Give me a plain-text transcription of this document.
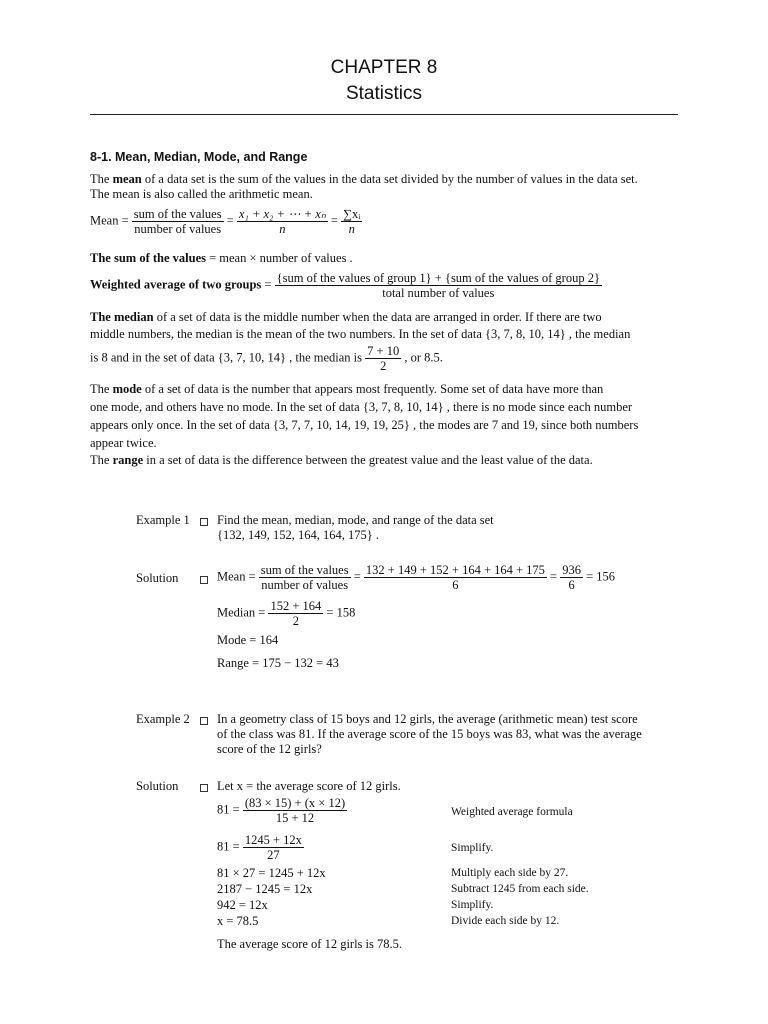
CHAPTER 8
Statistics
8-1. Mean, Median, Mode, and Range
The mean of a data set is the sum of the values in the data set divided by the number of values in the data set.
The mean is also called the arithmetic mean.
Mean = $\frac{\text{sum of the values}}{\text{number of values}} = \frac{\text{x₁ + x₂ + ⋯ + xₙ}}{n} = \frac{\text{∑xᵢ}}{n}$
The sum of the values = mean × number of values .
Weighted average of two groups = {sum of the values of group 1} + {sum of the values of group 2}
total number of values
The median of a set of data is the middle number when the data are arranged in order. If there are two
middle numbers, the median is the mean of the two numbers. In the set of data {3, 7, 8, 10, 14} , the median
is 8 and in the set of data {3, 7, 10, 14} , the median is $\frac{7 + 10}{2}$ , or 8.5.
The mode of a set of data is the number that appears most frequently. Some set of data have more than
one mode, and others have no mode. In the set of data {3, 7, 8, 10, 14} , there is no mode since each number
appears only once. In the set of data {3, 7, 7, 10, 14, 19, 19, 25} , the modes are 7 and 19, since both numbers
appear twice.
The range in a set of data is the difference between the greatest value and the least value of the data.
Example 1 Find the mean, median, mode, and range of the data set
{132, 149, 152, 164, 164, 175} .
Solution	Mean = $\frac{\text{sum of the values}}{\text{number of values}} = \frac{132 + 149 + 152 + 164 + 164 + 175}{6} = \frac{936}{6} = 156$
Median = $\frac{152 + 164}{2} = 158$
Mode = 164
Range = 175 − 132 = 43
Example 2 In a geometry class of 15 boys and 12 girls, the average (arithmetic mean) test score
of the class was 81. If the average score of the 15 boys was 83, what was the average
score of the 12 girls?
Solution	Let x = the average score of 12 girls.
$81 = \frac{(83 \times 15) + (x \times 12)}{15 + 12}$	Weighted average formula
$81 = \frac{1245 + 12x}{27}$	Simplify.
81 × 27 = 1245 + 12x	Multiply each side by 27.
2187 − 1245 = 12x	Subtract 1245 from each side.
942 = 12x	Simplify.
x = 78.5	Divide each side by 12.
The average score of 12 girls is 78.5.
